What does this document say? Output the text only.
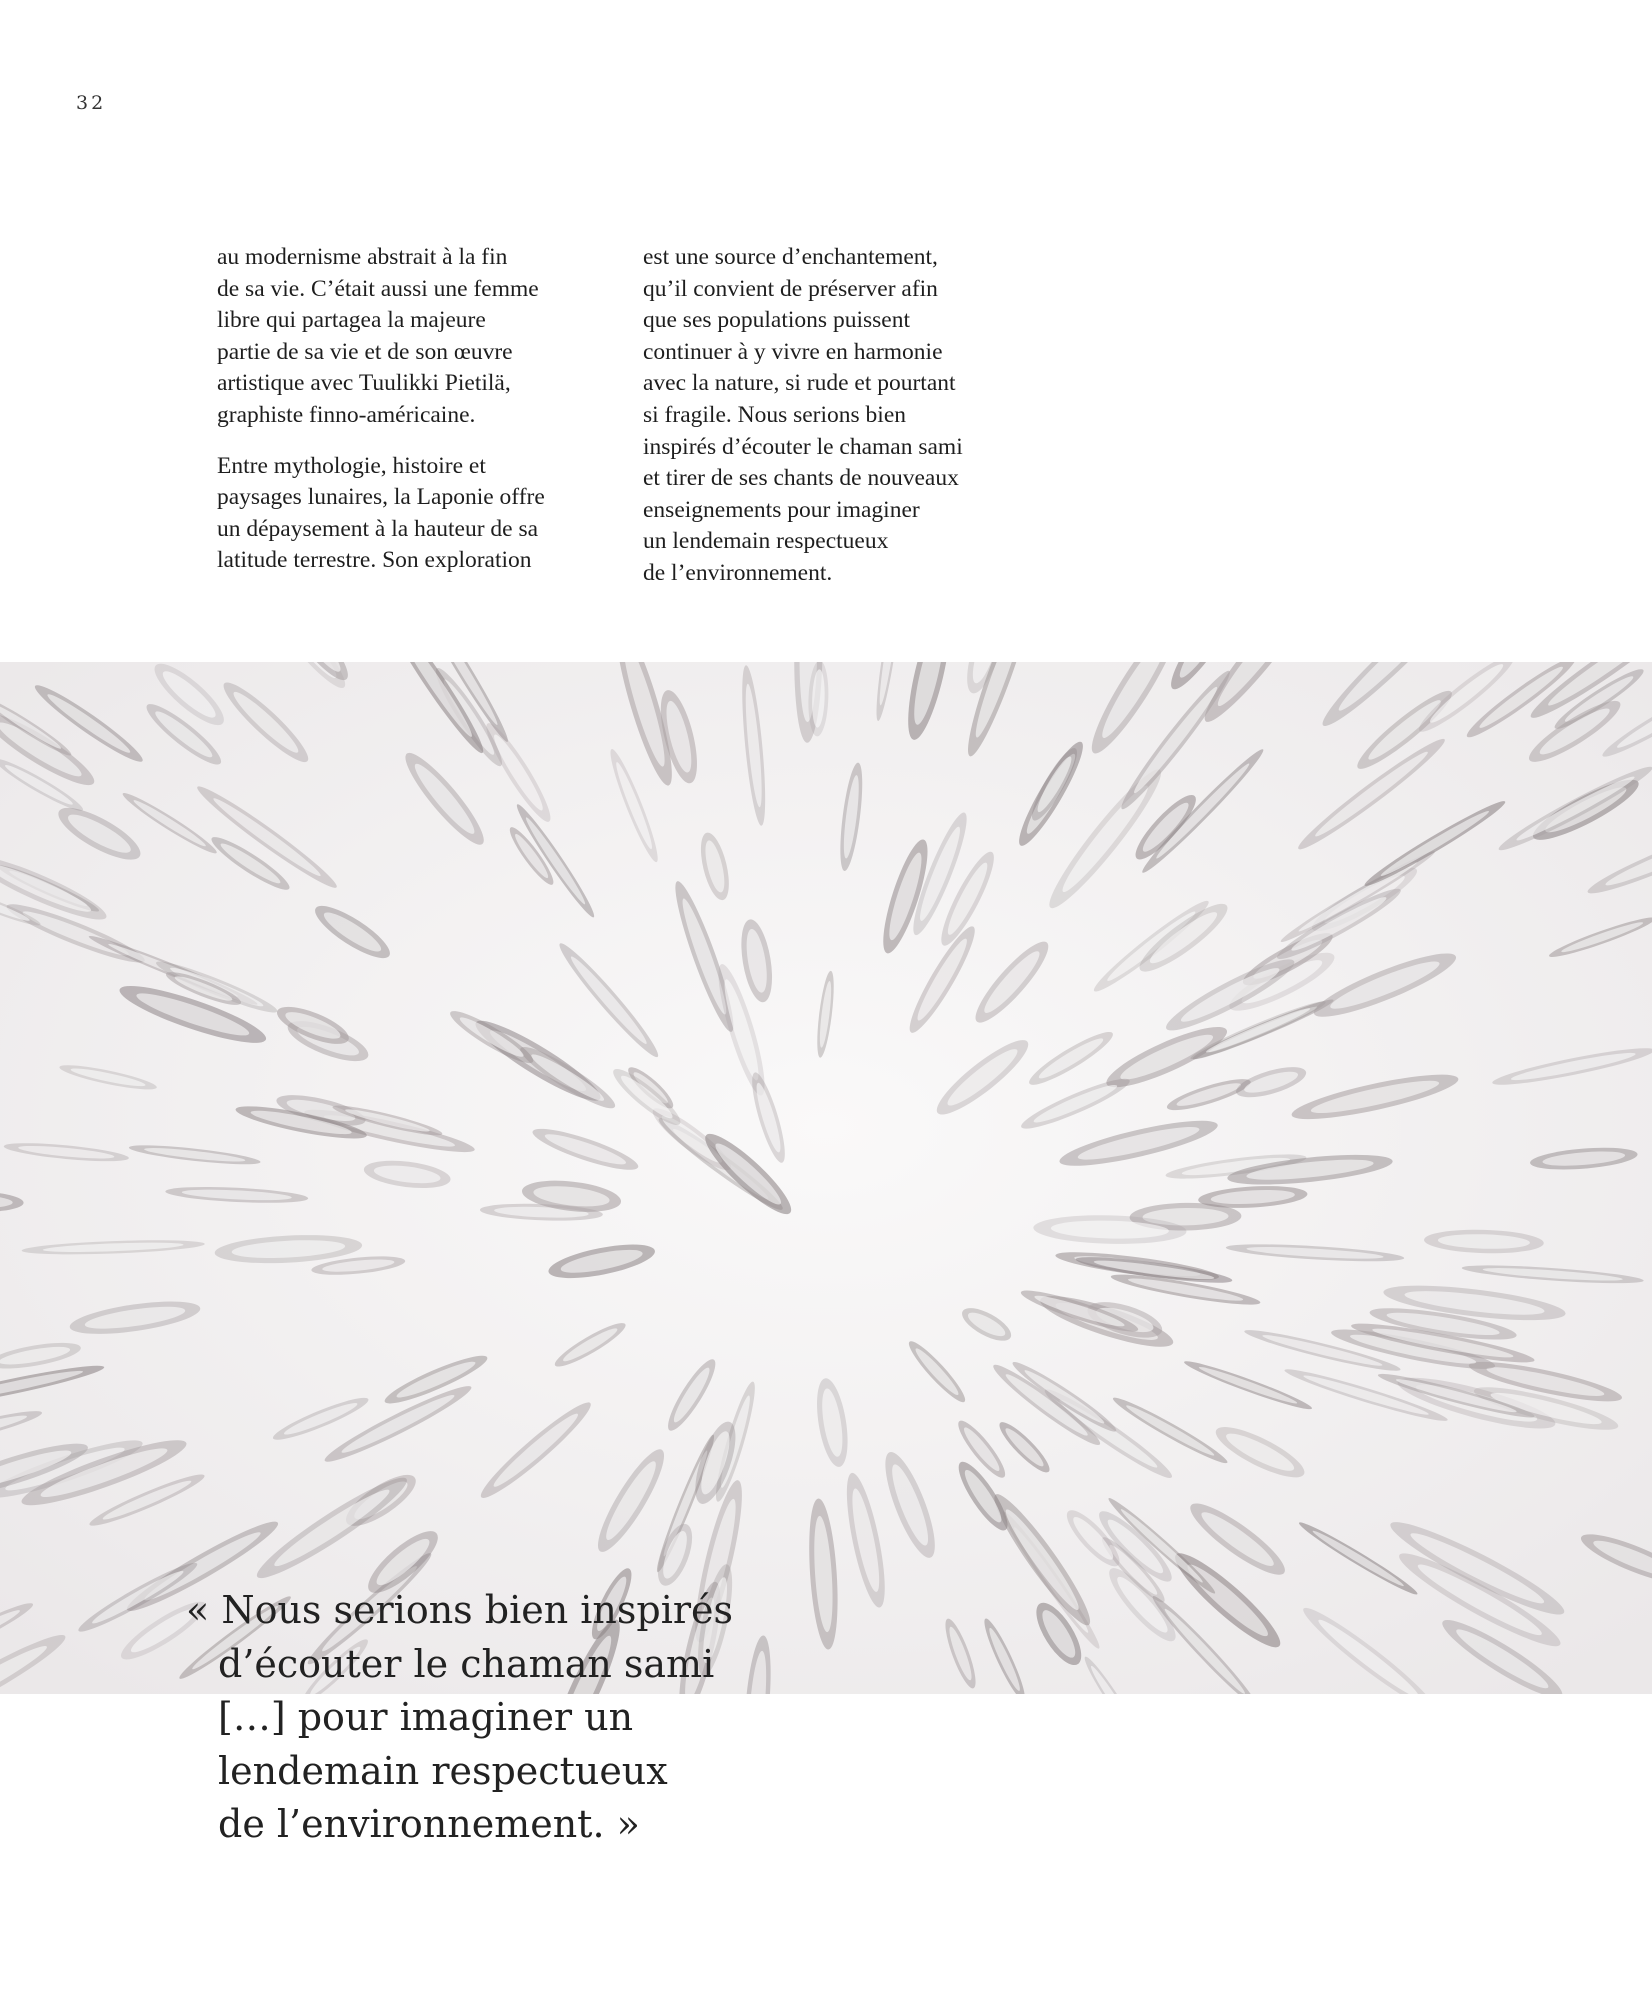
32

au modernisme abstrait à la fin
de sa vie. C’était aussi une femme
libre qui partagea la majeure
partie de sa vie et de son œuvre
artistique avec Tuulikki Pietilä,
graphiste finno-américaine.

Entre mythologie, histoire et
paysages lunaires, la Laponie offre
un dépaysement à la hauteur de sa
latitude terrestre. Son exploration

est une source d’enchantement,
qu’il convient de préserver afin
que ses populations puissent
continuer à y vivre en harmonie
avec la nature, si rude et pourtant
si fragile. Nous serions bien
inspirés d’écouter le chaman sami
et tirer de ses chants de nouveaux
enseignements pour imaginer
un lendemain respectueux
de l’environnement.

« Nous serions bien inspirés
d’écouter le chaman sami
[…] pour imaginer un
lendemain respectueux
de l’environnement. »
